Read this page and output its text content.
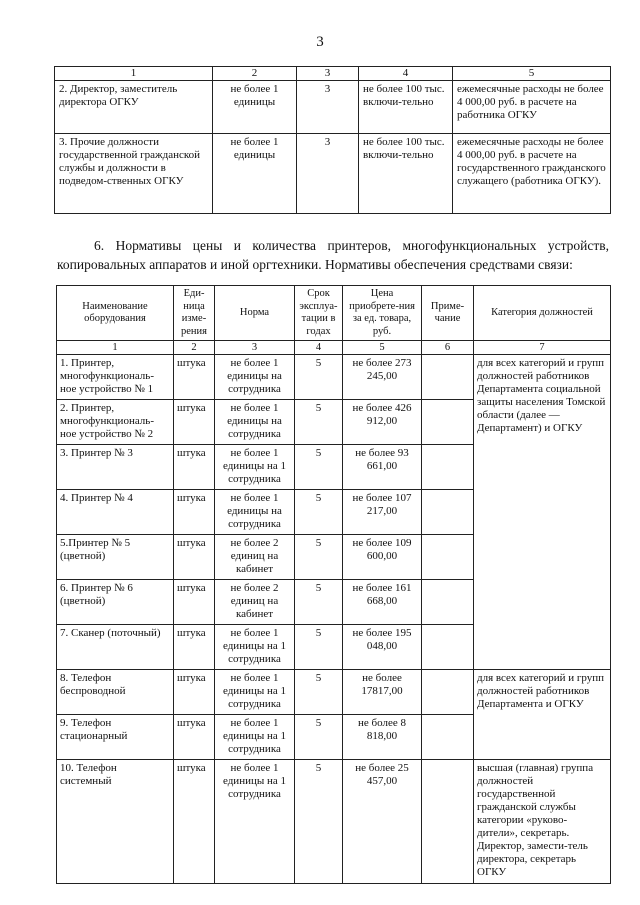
3
1	2	3	4	5
2. Директор, заместитель директора ОГКУ	не более 1 единицы	3	не более 100 тыс. включи-тельно	ежемесячные расходы не более 4 000,00 руб. в расчете на работника ОГКУ
3. Прочие должности государственной гражданской службы и должности в подведом-ственных ОГКУ	не более 1 единицы	3	не более 100 тыс. включи-тельно	ежемесячные расходы не более 4 000,00 руб. в расчете на государственного гражданского служащего (работника ОГКУ).
6. Нормативы цены и количества принтеров, многофункциональных устройств, копировальных аппаратов и иной оргтехники. Нормативы обеспечения средствами связи:
Наименование оборудования	Еди-ница изме-рения	Норма	Срок эксплуа-тации в годах	Цена приобрете-ния за ед. товара, руб.	Приме-чание	Категория должностей
1	2	3	4	5	6	7
1. Принтер, многофункциональ-ное устройство № 1	штука	не более 1 единицы на сотрудника	5	не более 273 245,00		для всех категорий и групп должностей работников Департамента социальной защиты населения Томской области (далее — Департамент) и ОГКУ
2. Принтер, многофункциональ-ное устройство № 2	штука	не более 1 единицы на сотрудника	5	не более 426 912,00		
3. Принтер № 3	штука	не более 1 единицы на 1 сотрудника	5	не более 93 661,00		
4. Принтер № 4	штука	не более 1 единицы на сотрудника	5	не более 107 217,00		
5.Принтер № 5 (цветной)	штука	не более 2 единиц на кабинет	5	не более 109 600,00		
6. Принтер № 6 (цветной)	штука	не более 2 единиц на кабинет	5	не более 161 668,00		
7. Сканер (поточный)	штука	не более 1 единицы на 1 сотрудника	5	не более 195 048,00		
8. Телефон беспроводной	штука	не более 1 единицы на 1 сотрудника	5	не более 17817,00		для всех категорий и групп должностей работников Департамента и ОГКУ
9. Телефон стационарный	штука	не более 1 единицы на 1 сотрудника	5	не более 8 818,00		
10. Телефон системный	штука	не более 1 единицы на 1 сотрудника	5	не более 25 457,00		высшая (главная) группа должностей государственной гражданской службы категории «руково-дители», секретарь. Директор, замести-тель директора, секретарь ОГКУ
